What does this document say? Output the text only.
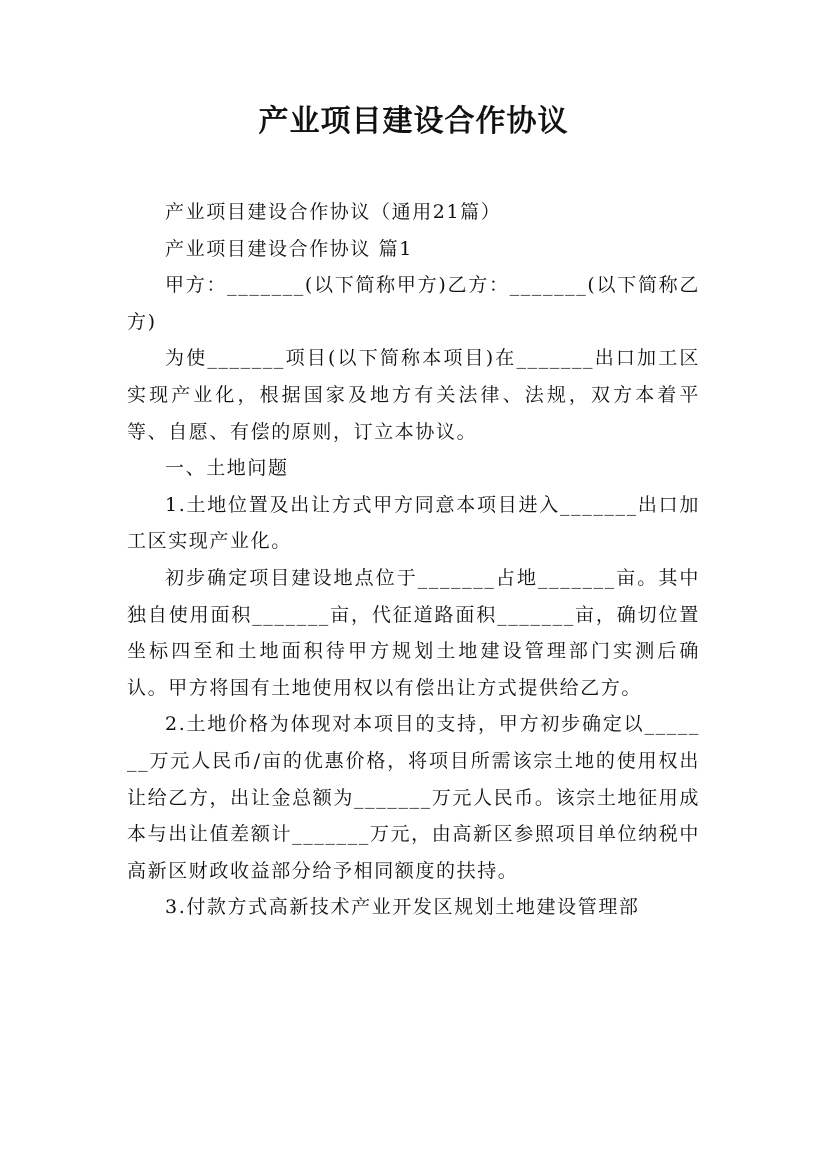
产业项目建设合作协议

产业项目建设合作协议（通用21篇）

产业项目建设合作协议 篇1

甲方：_______(以下简称甲方)乙方：_______(以下简称乙方)

为使_______项目(以下简称本项目)在_______出口加工区实现产业化，根据国家及地方有关法律、法规，双方本着平等、自愿、有偿的原则，订立本协议。

一、土地问题

1.土地位置及出让方式甲方同意本项目进入_______出口加工区实现产业化。

初步确定项目建设地点位于_______占地_______亩。其中独自使用面积_______亩，代征道路面积_______亩，确切位置坐标四至和土地面积待甲方规划土地建设管理部门实测后确认。甲方将国有土地使用权以有偿出让方式提供给乙方。

2.土地价格为体现对本项目的支持，甲方初步确定以_______万元人民币/亩的优惠价格，将项目所需该宗土地的使用权出让给乙方，出让金总额为_______万元人民币。该宗土地征用成本与出让值差额计_______万元，由高新区参照项目单位纳税中高新区财政收益部分给予相同额度的扶持。

3.付款方式高新技术产业开发区规划土地建设管理部
